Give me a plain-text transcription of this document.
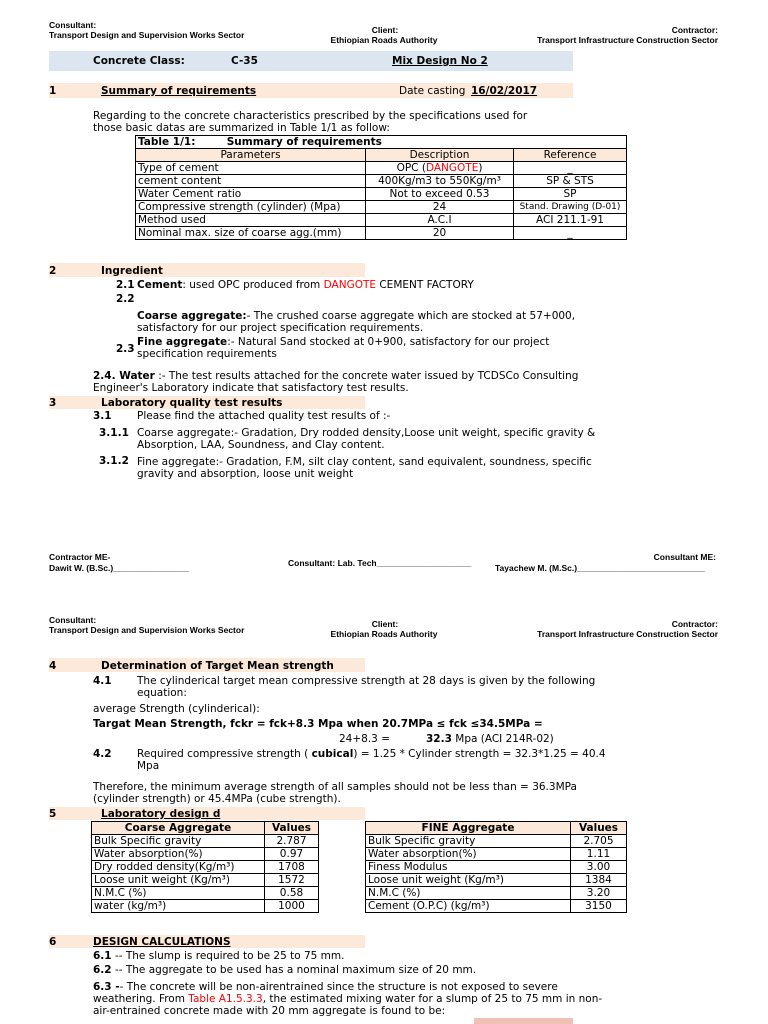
Consultant:
Transport Design and Supervision Works Sector	Client:
Ethiopian Roads Authority
Contractor:
Transport Infrastructure Construction Sector
Concrete Class:	C-35	Mix Design No 2
1	Summary of requirements	Date casting 16/02/2017
Regarding to the concrete characteristics prescribed by the specifications used for
those basic datas are summarized in Table 1/1 as follow:
Table 1/1: Summary of requirements		
Parameters	Description	Reference
Type of cement	OPC (DANGOTE)	_
cement content	400Kg/m3 to 550Kg/m³	SP & STS
Water Cement ratio	Not to exceed 0.53	SP
Compressive strength (cylinder) (Mpa)	24	Stand. Drawing (D-01)
Method used	A.C.I	ACI 211.1-91
Nominal max. size of coarse agg.(mm)	20	_
2	Ingredient
2.1 Cement: used OPC produced from DANGOTE CEMENT FACTORY
2.2
Coarse aggregate:- The crushed coarse aggregate which are stocked at 57+000,
satisfactory for our project specification requirements.
Fine aggregate:- Natural Sand stocked at 0+900, satisfactory for our project
2.3 specification requirements
2.4. Water :- The test results attached for the concrete water issued by TCDSCo Consulting
Engineer's Laboratory indicate that satisfactory test results.
3	Laboratory quality test results
3.1 Please find the attached quality test results of :-
3.1.1 Coarse aggregate:- Gradation, Dry rodded density,Loose unit weight, specific gravity &
Absorption, LAA, Soundness, and Clay content.
3.1.2 Fine aggregate:- Gradation, F.M, silt clay content, sand equivalent, soundness, specific
gravity and absorption, loose unit weight
Contractor ME-
Dawit W. (B.Sc.)________________	Consultant: Lab. Tech____________________	Tayachew M. (M.Sc.)___________________________
Consultant ME:
Consultant:
Transport Design and Supervision Works Sector
Client:
Ethiopian Roads Authority
Contractor:
Transport Infrastructure Construction Sector
4	Determination of Target Mean strength
4.1 The cylinderical target mean compressive strength at 28 days is given by the following
equation:
average Strength (cylinderical):
Targat Mean Strength, fckr = fck+8.3 Mpa when 20.7MPa ≤ fck ≤34.5MPa =
24+8.3 =	32.3 Mpa (ACI 214R-02)
4.2 Required compressive strength ( cubical) = 1.25 * Cylinder strength = 32.3*1.25 = 40.4
Mpa
Therefore, the minimum average strength of all samples should not be less than = 36.3MPa
(cylinder strength) or 45.4MPa (cube strength).
5	Laboratory design d
Coarse Aggregate	Values
Bulk Specific gravity	2.787
Water absorption(%)	0.97
Dry rodded density(Kg/m³)	1708
Loose unit weight (Kg/m³)	1572
N.M.C (%)	0.58
water (kg/m³)	1000
FINE Aggregate	Values
Bulk Specific gravity	2.705
Water absorption(%)	1.11
Finess Modulus	3.00
Loose unit weight (Kg/m³)	1384
N.M.C (%)	3.20
Cement (O.P.C) (kg/m³)	3150
6	DESIGN CALCULATIONS
6.1 -- The slump is required to be 25 to 75 mm.
6.2 -- The aggregate to be used has a nominal maximum size of 20 mm.
6.3 -- The concrete will be non-airentrained since the structure is not exposed to severe
weathering. From Table A1.5.3.3, the estimated mixing water for a slump of 25 to 75 mm in non-
air-entrained concrete made with 20 mm aggregate is found to be:
